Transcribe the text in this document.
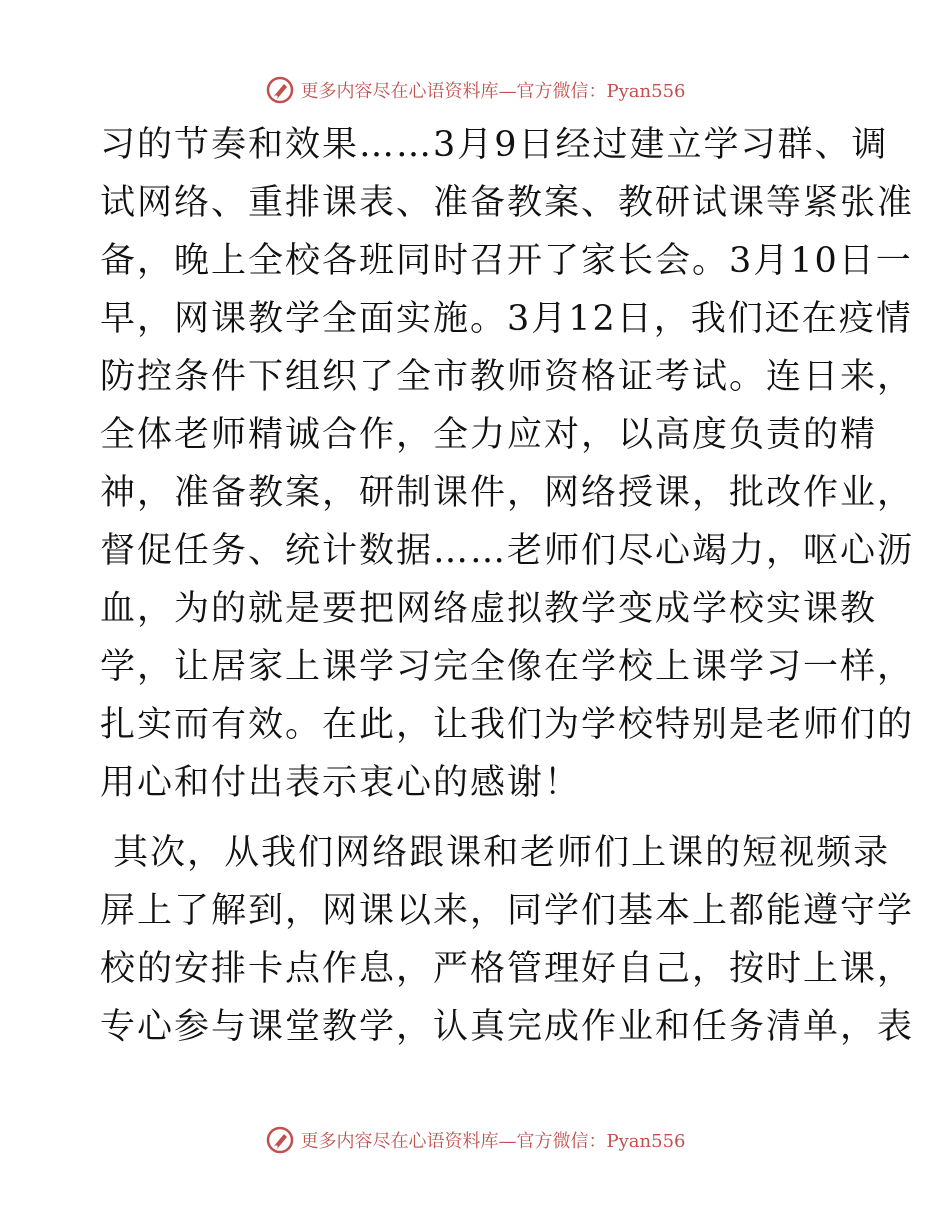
更多内容尽在心语资料库—官方微信：Pyan556
习的节奏和效果……3月9日经过建立学习群、调
试网络、重排课表、准备教案、教研试课等紧张准
备，晚上全校各班同时召开了家长会。3月10日一
早，网课教学全面实施。3月12日，我们还在疫情
防控条件下组织了全市教师资格证考试。连日来，
全体老师精诚合作，全力应对，以高度负责的精
神，准备教案，研制课件，网络授课，批改作业，
督促任务、统计数据……老师们尽心竭力，呕心沥
血，为的就是要把网络虚拟教学变成学校实课教
学，让居家上课学习完全像在学校上课学习一样，
扎实而有效。在此，让我们为学校特别是老师们的
用心和付出表示衷心的感谢！
其次，从我们网络跟课和老师们上课的短视频录
屏上了解到，网课以来，同学们基本上都能遵守学
校的安排卡点作息，严格管理好自己，按时上课，
专心参与课堂教学，认真完成作业和任务清单，表
更多内容尽在心语资料库—官方微信：Pyan556
